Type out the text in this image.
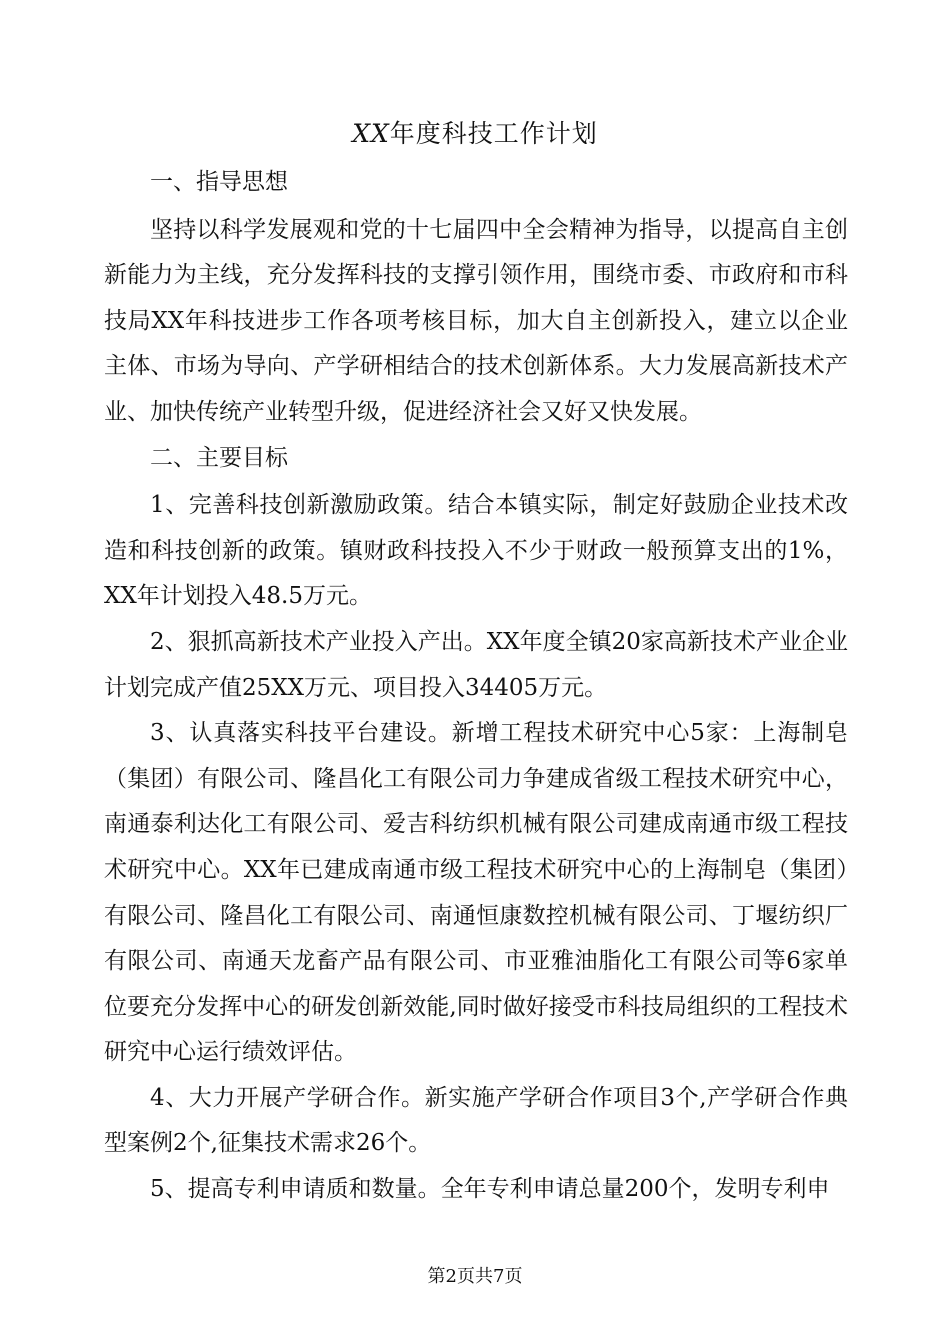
XX年度科技工作计划

一、指导思想

坚持以科学发展观和党的十七届四中全会精神为指导，以提高自主创新能力为主线，充分发挥科技的支撑引领作用，围绕市委、市政府和市科技局XX年科技进步工作各项考核目标，加大自主创新投入，建立以企业主体、市场为导向、产学研相结合的技术创新体系。大力发展高新技术产业、加快传统产业转型升级，促进经济社会又好又快发展。

二、主要目标

1、完善科技创新激励政策。结合本镇实际，制定好鼓励企业技术改造和科技创新的政策。镇财政科技投入不少于财政一般预算支出的1%，XX年计划投入48.5万元。

2、狠抓高新技术产业投入产出。XX年度全镇20家高新技术产业企业计划完成产值25XX万元、项目投入34405万元。

3、认真落实科技平台建设。新增工程技术研究中心5家：上海制皂（集团）有限公司、隆昌化工有限公司力争建成省级工程技术研究中心，南通泰利达化工有限公司、爱吉科纺织机械有限公司建成南通市级工程技术研究中心。XX年已建成南通市级工程技术研究中心的上海制皂（集团）有限公司、隆昌化工有限公司、南通恒康数控机械有限公司、丁堰纺织厂有限公司、南通天龙畜产品有限公司、市亚雅油脂化工有限公司等6家单位要充分发挥中心的研发创新效能,同时做好接受市科技局组织的工程技术研究中心运行绩效评估。

4、大力开展产学研合作。新实施产学研合作项目3个,产学研合作典型案例2个,征集技术需求26个。

5、提高专利申请质和数量。全年专利申请总量200个，发明专利申

第2页共7页
